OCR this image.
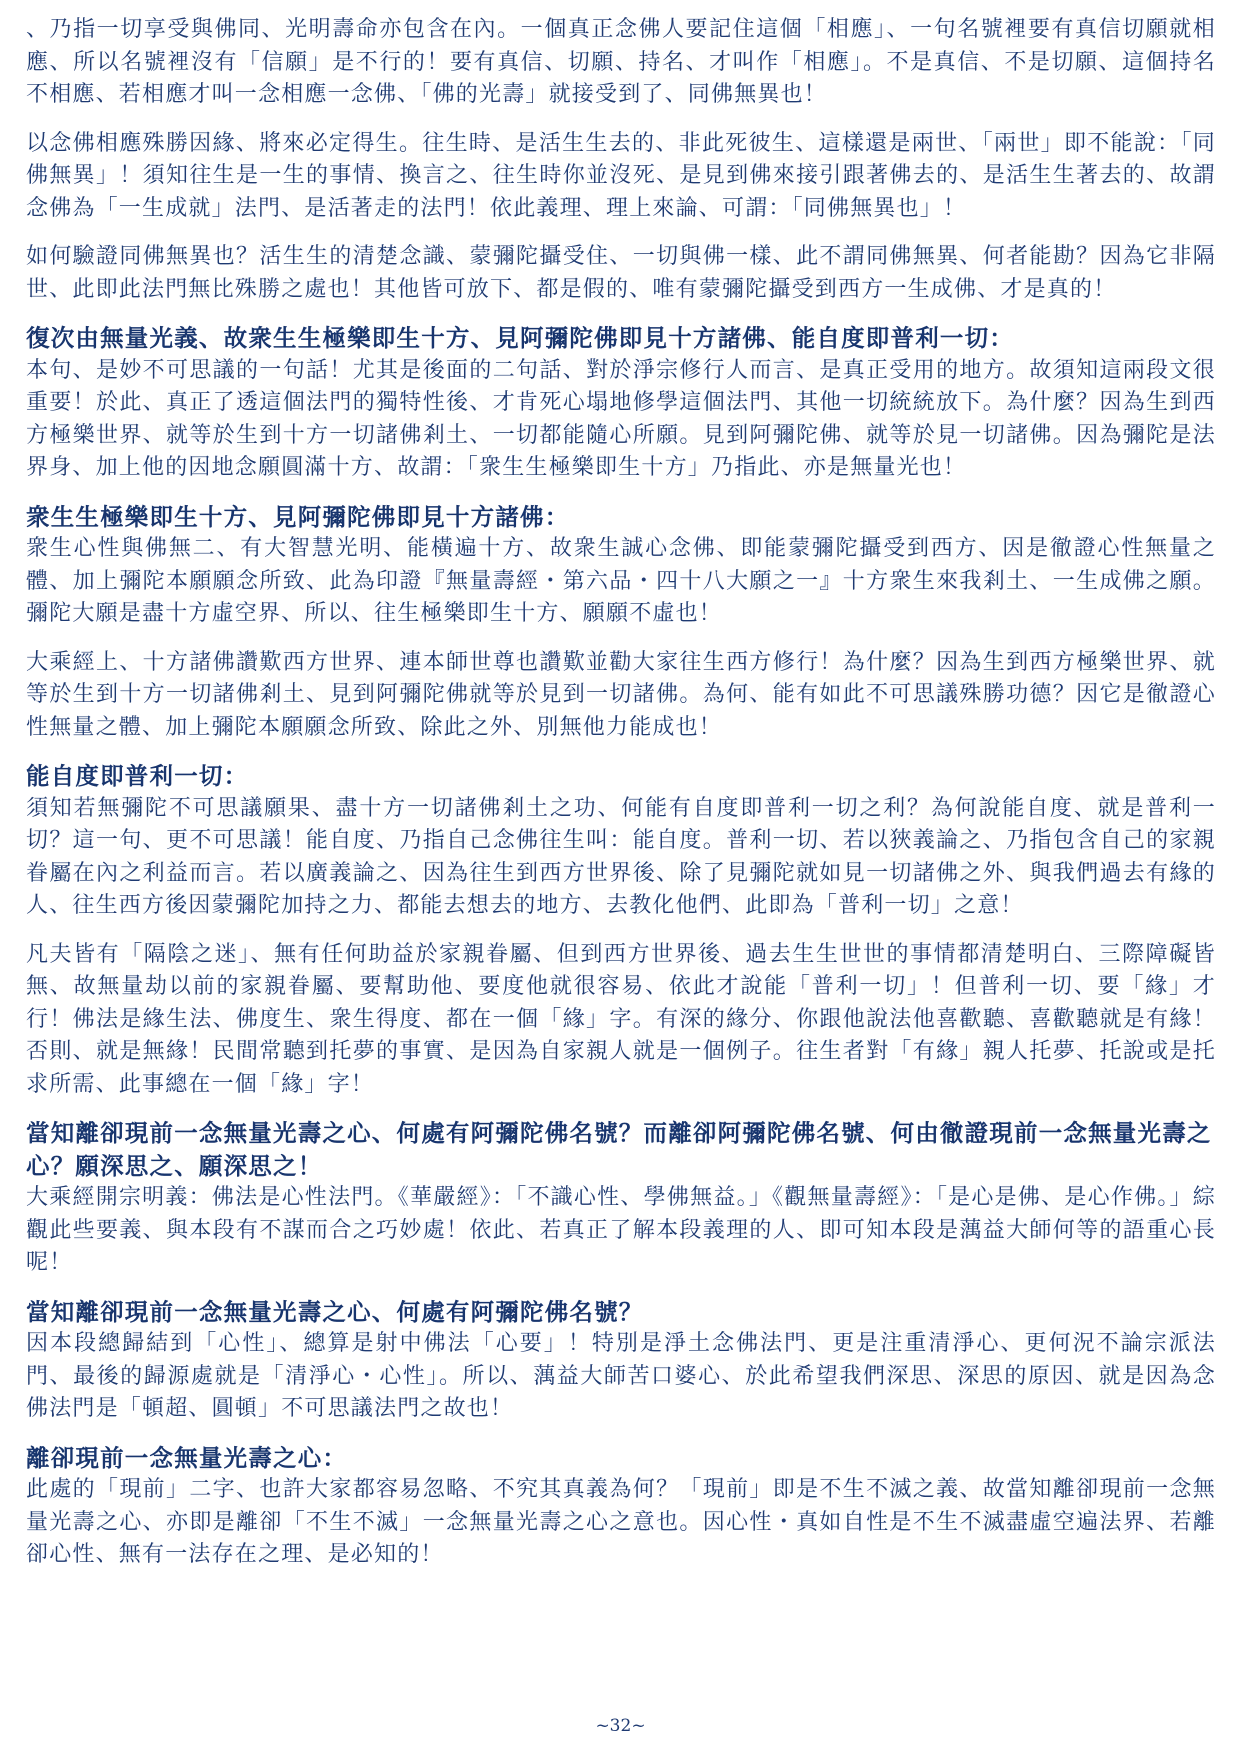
、乃指一切享受與佛同、光明壽命亦包含在內。一個真正念佛人要記住這個「相應」、一句名號裡要有真信切願就相應、所以名號裡沒有「信願」是不行的！要有真信、切願、持名、才叫作「相應」。不是真信、不是切願、這個持名不相應、若相應才叫一念相應一念佛、「佛的光壽」就接受到了、同佛無異也！

以念佛相應殊勝因緣、將來必定得生。往生時、是活生生去的、非此死彼生、這樣還是兩世、「兩世」即不能說：「同佛無異」！須知往生是一生的事情、換言之、往生時你並沒死、是見到佛來接引跟著佛去的、是活生生著去的、故謂念佛為「一生成就」法門、是活著走的法門！依此義理、理上來論、可謂：「同佛無異也」！

如何驗證同佛無異也？活生生的清楚念識、蒙彌陀攝受住、一切與佛一樣、此不謂同佛無異、何者能勘？因為它非隔世、此即此法門無比殊勝之處也！其他皆可放下、都是假的、唯有蒙彌陀攝受到西方一生成佛、才是真的！

復次由無量光義、故衆生生極樂即生十方、見阿彌陀佛即見十方諸佛、能自度即普利一切：

本句、是妙不可思議的一句話！尤其是後面的二句話、對於淨宗修行人而言、是真正受用的地方。故須知這兩段文很重要！於此、真正了透這個法門的獨特性後、才肯死心塌地修學這個法門、其他一切統統放下。為什麼？因為生到西方極樂世界、就等於生到十方一切諸佛剎土、一切都能隨心所願。見到阿彌陀佛、就等於見一切諸佛。因為彌陀是法界身、加上他的因地念願圓滿十方、故謂：「衆生生極樂即生十方」乃指此、亦是無量光也！

衆生生極樂即生十方、見阿彌陀佛即見十方諸佛：

衆生心性與佛無二、有大智慧光明、能橫遍十方、故衆生誠心念佛、即能蒙彌陀攝受到西方、因是徹證心性無量之體、加上彌陀本願願念所致、此為印證『無量壽經・第六品・四十八大願之一』十方衆生來我剎土、一生成佛之願。彌陀大願是盡十方虛空界、所以、往生極樂即生十方、願願不虛也！

大乘經上、十方諸佛讚歎西方世界、連本師世尊也讚歎並勸大家往生西方修行！為什麼？因為生到西方極樂世界、就等於生到十方一切諸佛剎土、見到阿彌陀佛就等於見到一切諸佛。為何、能有如此不可思議殊勝功德？因它是徹證心性無量之體、加上彌陀本願願念所致、除此之外、別無他力能成也！

能自度即普利一切：

須知若無彌陀不可思議願果、盡十方一切諸佛剎土之功、何能有自度即普利一切之利？為何說能自度、就是普利一切？這一句、更不可思議！能自度、乃指自己念佛往生叫：能自度。普利一切、若以狹義論之、乃指包含自己的家親眷屬在內之利益而言。若以廣義論之、因為往生到西方世界後、除了見彌陀就如見一切諸佛之外、與我們過去有緣的人、往生西方後因蒙彌陀加持之力、都能去想去的地方、去教化他們、此即為「普利一切」之意！

凡夫皆有「隔陰之迷」、無有任何助益於家親眷屬、但到西方世界後、過去生生世世的事情都清楚明白、三際障礙皆無、故無量劫以前的家親眷屬、要幫助他、要度他就很容易、依此才說能「普利一切」！但普利一切、要「緣」才行！佛法是緣生法、佛度生、衆生得度、都在一個「緣」字。有深的緣分、你跟他說法他喜歡聽、喜歡聽就是有緣！否則、就是無緣！民間常聽到托夢的事實、是因為自家親人就是一個例子。往生者對「有緣」親人托夢、托說或是托求所需、此事總在一個「緣」字！

當知離卻現前一念無量光壽之心、何處有阿彌陀佛名號？而離卻阿彌陀佛名號、何由徹證現前一念無量光壽之心？願深思之、願深思之！

大乘經開宗明義：佛法是心性法門。《華嚴經》：「不識心性、學佛無益。」《觀無量壽經》：「是心是佛、是心作佛。」綜觀此些要義、與本段有不謀而合之巧妙處！依此、若真正了解本段義理的人、即可知本段是蕅益大師何等的語重心長呢！

當知離卻現前一念無量光壽之心、何處有阿彌陀佛名號？

因本段總歸結到「心性」、總算是射中佛法「心要」！特別是淨土念佛法門、更是注重清淨心、更何況不論宗派法門、最後的歸源處就是「清淨心・心性」。所以、蕅益大師苦口婆心、於此希望我們深思、深思的原因、就是因為念佛法門是「頓超、圓頓」不可思議法門之故也！

離卻現前一念無量光壽之心：

此處的「現前」二字、也許大家都容易忽略、不究其真義為何？「現前」即是不生不滅之義、故當知離卻現前一念無量光壽之心、亦即是離卻「不生不滅」一念無量光壽之心之意也。因心性・真如自性是不生不滅盡虛空遍法界、若離卻心性、無有一法存在之理、是必知的！

~32~
